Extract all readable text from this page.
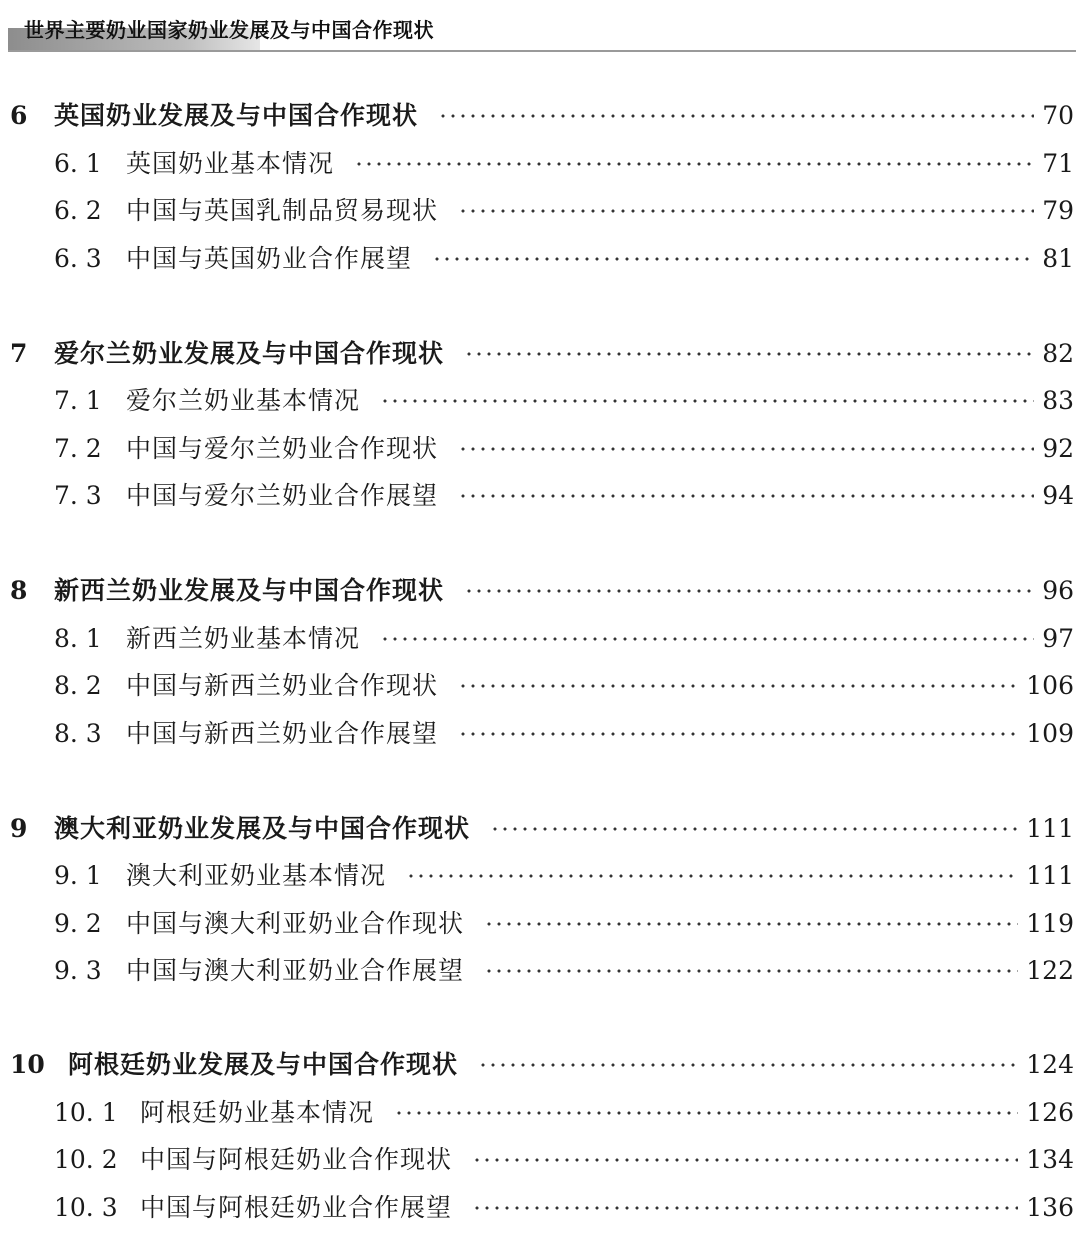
世界主要奶业国家奶业发展及与中国合作现状
6	英国奶业发展及与中国合作现状	70
6. 1 英国奶业基本情况	71
6. 2 中国与英国乳制品贸易现状	79
6. 3 中国与英国奶业合作展望	81
7	爱尔兰奶业发展及与中国合作现状	82
7. 1 爱尔兰奶业基本情况	83
7. 2 中国与爱尔兰奶业合作现状	92
7. 3 中国与爱尔兰奶业合作展望	94
8	新西兰奶业发展及与中国合作现状	96
8. 1 新西兰奶业基本情况	97
8. 2 中国与新西兰奶业合作现状	106
8. 3 中国与新西兰奶业合作展望	109
9	澳大利亚奶业发展及与中国合作现状	111
9. 1 澳大利亚奶业基本情况	111
9. 2 中国与澳大利亚奶业合作现状	119
9. 3 中国与澳大利亚奶业合作展望	122
10 阿根廷奶业发展及与中国合作现状	124
10. 1 阿根廷奶业基本情况	126
10. 2 中国与阿根廷奶业合作现状	134
10. 3 中国与阿根廷奶业合作展望	136
